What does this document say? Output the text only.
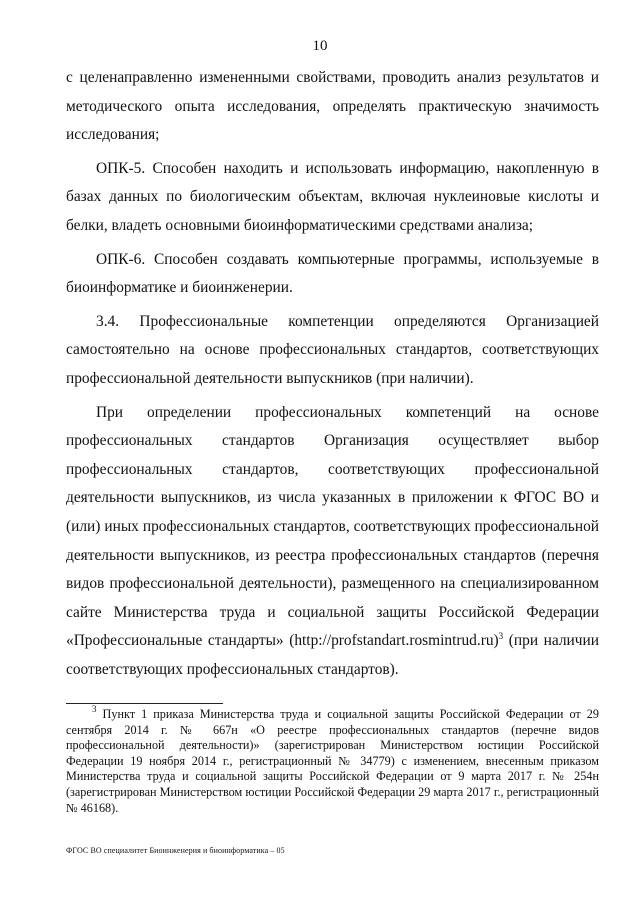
10

с целенаправленно измененными свойствами, проводить анализ результатов и методического опыта исследования, определять практическую значимость исследования;

ОПК-5. Способен находить и использовать информацию, накопленную в базах данных по биологическим объектам, включая нуклеиновые кислоты и белки, владеть основными биоинформатическими средствами анализа;

ОПК-6. Способен создавать компьютерные программы, используемые в биоинформатике и биоинженерии.

3.4. Профессиональные компетенции определяются Организацией самостоятельно на основе профессиональных стандартов, соответствующих профессиональной деятельности выпускников (при наличии).

При определении профессиональных компетенций на основе профессиональных стандартов Организация осуществляет выбор профессиональных стандартов, соответствующих профессиональной деятельности выпускников, из числа указанных в приложении к ФГОС ВО и (или) иных профессиональных стандартов, соответствующих профессиональной деятельности выпускников, из реестра профессиональных стандартов (перечня видов профессиональной деятельности), размещенного на специализированном сайте Министерства труда и социальной защиты Российской Федерации «Профессиональные стандарты» (http://profstandart.rosmintrud.ru)$^3$ (при наличии соответствующих профессиональных стандартов).

$^3$ Пункт 1 приказа Министерства труда и социальной защиты Российской Федерации от 29 сентября 2014 г. № 667н «О реестре профессиональных стандартов (перечне видов профессиональной деятельности)» (зарегистрирован Министерством юстиции Российской Федерации 19 ноября 2014 г., регистрационный № 34779) с изменением, внесенным приказом Министерства труда и социальной защиты Российской Федерации от 9 марта 2017 г. № 254н (зарегистрирован Министерством юстиции Российской Федерации 29 марта 2017 г., регистрационный № 46168).

ФГОС ВО специалитет Биоинженерия и биоинформатика – 05
